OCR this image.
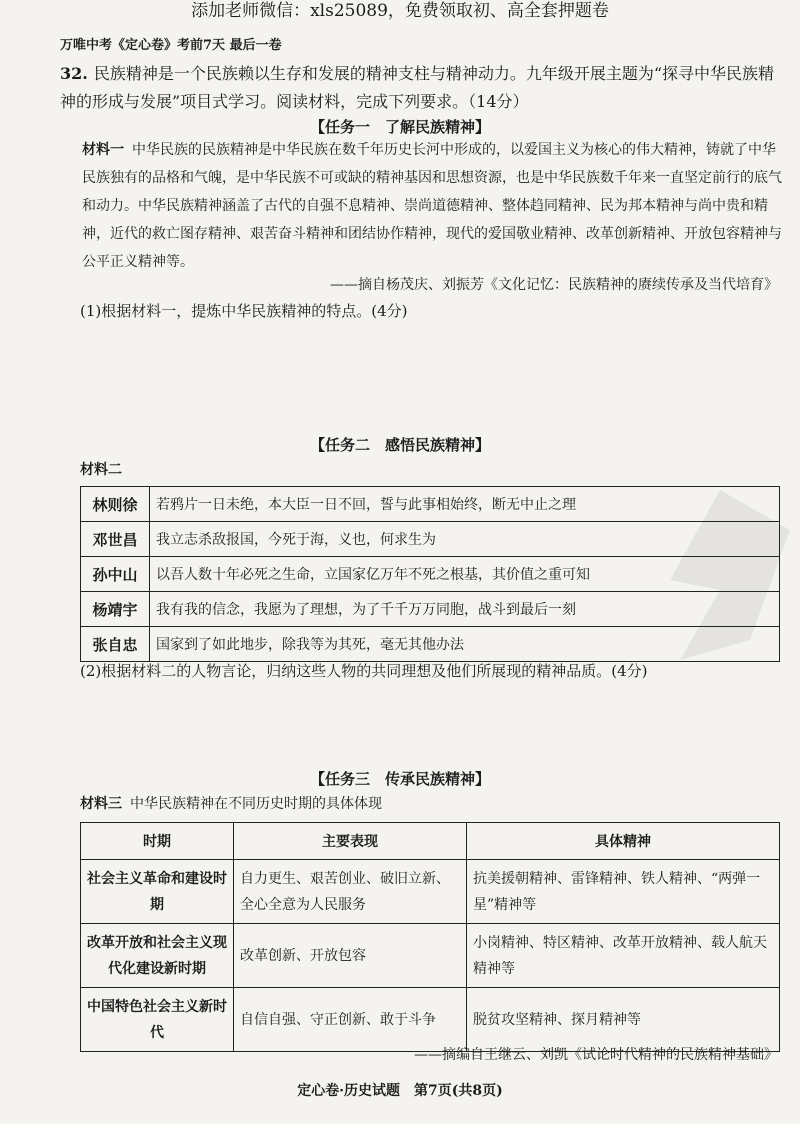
添加老师微信：xls25089，免费领取初、高全套押题卷
万唯中考《定心卷》考前7天 最后一卷
32. 民族精神是一个民族赖以生存和发展的精神支柱与精神动力。九年级开展主题为“探寻中华民族精神的形成与发展”项目式学习。阅读材料，完成下列要求。（14分）
【任务一　了解民族精神】
材料一 中华民族的民族精神是中华民族在数千年历史长河中形成的，以爱国主义为核心的伟大精神，铸就了中华民族独有的品格和气魄，是中华民族不可或缺的精神基因和思想资源，也是中华民族数千年来一直坚定前行的底气和动力。中华民族精神涵盖了古代的自强不息精神、崇尚道德精神、整体趋同精神、民为邦本精神与尚中贵和精神，近代的救亡图存精神、艰苦奋斗精神和团结协作精神，现代的爱国敬业精神、改革创新精神、开放包容精神与公平正义精神等。
——摘自杨茂庆、刘振芳《文化记忆：民族精神的赓续传承及当代培育》
(1)根据材料一，提炼中华民族精神的特点。(4分)
【任务二　感悟民族精神】
材料二
林则徐	若鸦片一日未绝，本大臣一日不回，誓与此事相始终，断无中止之理
邓世昌	我立志杀敌报国，今死于海，义也，何求生为
孙中山	以吾人数十年必死之生命，立国家亿万年不死之根基，其价值之重可知
杨靖宇	我有我的信念，我愿为了理想，为了千千万万同胞，战斗到最后一刻
张自忠	国家到了如此地步，除我等为其死，毫无其他办法
(2)根据材料二的人物言论，归纳这些人物的共同理想及他们所展现的精神品质。(4分)
【任务三　传承民族精神】
材料三 中华民族精神在不同历史时期的具体体现
时期	主要表现	具体精神
社会主义革命和建设时期	自力更生、艰苦创业、破旧立新、全心全意为人民服务	抗美援朝精神、雷锋精神、铁人精神、“两弹一星”精神等
改革开放和社会主义现代化建设新时期	改革创新、开放包容	小岗精神、特区精神、改革开放精神、载人航天精神等
中国特色社会主义新时代	自信自强、守正创新、敢于斗争	脱贫攻坚精神、探月精神等
——摘编自王继云、刘凯《试论时代精神的民族精神基础》
定心卷·历史试题　第7页(共8页)
